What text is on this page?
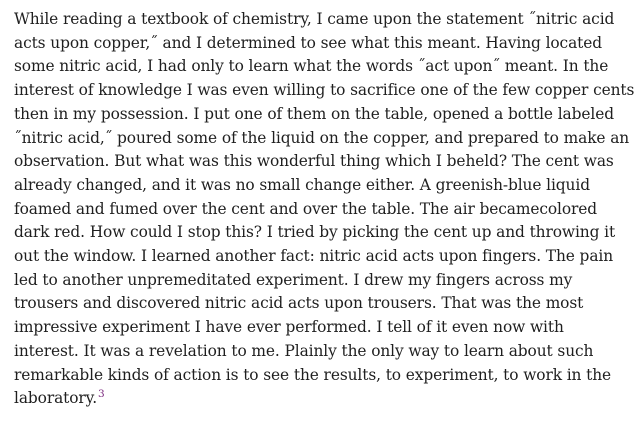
While reading a textbook of chemistry, I came upon the statement ˝nitric acid
acts upon copper,˝ and I determined to see what this meant. Having located
some nitric acid, I had only to learn what the words ˝act upon˝ meant. In the
interest of knowledge I was even willing to sacrifice one of the few copper cents
then in my possession. I put one of them on the table, opened a bottle labeled
˝nitric acid,˝ poured some of the liquid on the copper, and prepared to make an
observation. But what was this wonderful thing which I beheld? The cent was
already changed, and it was no small change either. A greenish-blue liquid
foamed and fumed over the cent and over the table. The air becamecolored
dark red. How could I stop this? I tried by picking the cent up and throwing it
out the window. I learned another fact: nitric acid acts upon fingers. The pain
led to another unpremeditated experiment. I drew my fingers across my
trousers and discovered nitric acid acts upon trousers. That was the most
impressive experiment I have ever performed. I tell of it even now with
interest. It was a revelation to me. Plainly the only way to learn about such
remarkable kinds of action is to see the results, to experiment, to work in the
laboratory.$^3$
